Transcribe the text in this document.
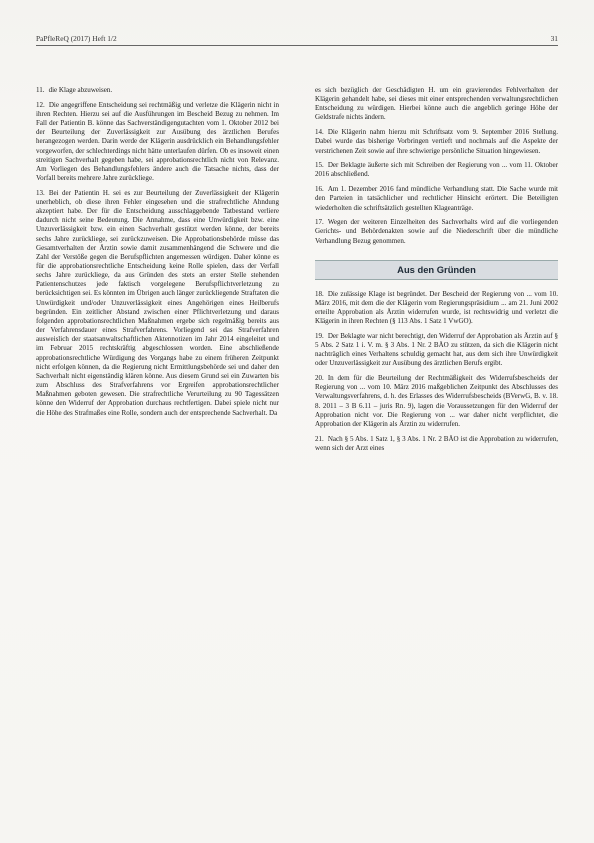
PaPfleReQ (2017) Heft 1/2	31

11. die Klage abzuweisen.

12. Die angegriffene Entscheidung sei rechtmäßig und verletze die Klägerin nicht in ihren Rechten. Hierzu sei auf die Ausführungen im Bescheid Bezug zu nehmen. Im Fall der Patientin B. könne das Sachverständigengutachten vom 1. Oktober 2012 bei der Beurteilung der Zuverlässigkeit zur Ausübung des ärztlichen Berufes herangezogen werden. Darin werde der Klägerin ausdrücklich ein Behandlungsfehler vorgeworfen, der schlechterdings nicht hätte unterlaufen dürfen. Ob es insoweit einen streitigen Sachverhalt gegeben habe, sei approbationsrechtlich nicht von Relevanz. Am Vorliegen des Behandlungsfehlers ändere auch die Tatsache nichts, dass der Vorfall bereits mehrere Jahre zurückliege.

13. Bei der Patientin H. sei es zur Beurteilung der Zuverlässigkeit der Klägerin unerheblich, ob diese ihren Fehler eingesehen und die strafrechtliche Ahndung akzeptiert habe. Der für die Entscheidung ausschlaggebende Tatbestand verliere dadurch nicht seine Bedeutung. Die Annahme, dass eine Unwürdigkeit bzw. eine Unzuverlässigkeit bzw. ein einen Sachverhalt gestützt werden könne, der bereits sechs Jahre zurückliege, sei zurückzuweisen. Die Approbationsbehörde müsse das Gesamtverhalten der Ärztin sowie damit zusammenhängend die Schwere und die Zahl der Verstöße gegen die Berufspflichten angemessen würdigen. Daher könne es für die approbationsrechtliche Entscheidung keine Rolle spielen, dass der Verfall sechs Jahre zurückliege, da aus Gründen des stets an erster Stelle stehenden Patientenschutzes jede faktisch vorgelegene Berufspflichtverletzung zu berücksichtigen sei. Es könnten im Übrigen auch länger zurückliegende Straftaten die Unwürdigkeit und/oder Unzuverlässigkeit eines Angehörigen eines Heilberufs begründen. Ein zeitlicher Abstand zwischen einer Pflichtverletzung und daraus folgenden approbationsrechtlichen Maßnahmen ergebe sich regelmäßig bereits aus der Verfahrensdauer eines Strafverfahrens. Vorliegend sei das Strafverfahren ausweislich der staatsanwaltschaftlichen Aktennotizen im Jahr 2014 eingeleitet und im Februar 2015 rechtskräftig abgeschlossen worden. Eine abschließende approbationsrechtliche Würdigung des Vorgangs habe zu einem früheren Zeitpunkt nicht erfolgen können, da die Regierung nicht Ermittlungsbehörde sei und daher den Sachverhalt nicht eigenständig klären könne. Aus diesem Grund sei ein Zuwarten bis zum Abschluss des Strafverfahrens vor Ergreifen approbationsrechtlicher Maßnahmen geboten gewesen. Die strafrechtliche Verurteilung zu 90 Tagessätzen könne den Widerruf der Approbation durchaus rechtfertigen. Dabei spiele nicht nur die Höhe des Strafmaßes eine Rolle, sondern auch der entsprechende Sachverhalt. Da

es sich bezüglich der Geschädigten H. um ein gravierendes Fehlverhalten der Klägerin gehandelt habe, sei dieses mit einer entsprechenden verwaltungsrechtlichen Entscheidung zu würdigen. Hierbei könne auch die angeblich geringe Höhe der Geldstrafe nichts ändern.

14. Die Klägerin nahm hierzu mit Schriftsatz vom 9. September 2016 Stellung. Dabei wurde das bisherige Vorbringen vertieft und nochmals auf die Aspekte der verstrichenen Zeit sowie auf ihre schwierige persönliche Situation hingewiesen.

15. Der Beklagte äußerte sich mit Schreiben der Regierung von ... vom 11. Oktober 2016 abschließend.

16. Am 1. Dezember 2016 fand mündliche Verhandlung statt. Die Sache wurde mit den Parteien in tatsächlicher und rechtlicher Hinsicht erörtert. Die Beteiligten wiederholten die schriftsätzlich gestellten Klageanträge.

17. Wegen der weiteren Einzelheiten des Sachverhalts wird auf die vorliegenden Gerichts- und Behördenakten sowie auf die Niederschrift über die mündliche Verhandlung Bezug genommen.

Aus den Gründen

18. Die zulässige Klage ist begründet. Der Bescheid der Regierung von ... vom 10. März 2016, mit dem die der Klägerin vom Regierungspräsidium ... am 21. Juni 2002 erteilte Approbation als Ärztin widerrufen wurde, ist rechtswidrig und verletzt die Klägerin in ihren Rechten (§ 113 Abs. 1 Satz 1 VwGO).

19. Der Beklagte war nicht berechtigt, den Widerruf der Approbation als Ärztin auf § 5 Abs. 2 Satz 1 i. V. m. § 3 Abs. 1 Nr. 2 BÄO zu stützen, da sich die Klägerin nicht nachträglich eines Verhaltens schuldig gemacht hat, aus dem sich ihre Unwürdigkeit oder Unzuverlässigkeit zur Ausübung des ärztlichen Berufs ergibt.

20. In dem für die Beurteilung der Rechtmäßigkeit des Widerrufsbescheids der Regierung von ... vom 10. März 2016 maßgeblichen Zeitpunkt des Abschlusses des Verwaltungsverfahrens, d. h. des Erlasses des Widerrufsbescheids (BVerwG, B. v. 18. 8. 2011 – 3 B 6.11 – juris Rn. 9), lagen die Voraussetzungen für den Widerruf der Approbation nicht vor. Die Regierung von ... war daher nicht verpflichtet, die Approbation der Klägerin als Ärztin zu widerrufen.

21. Nach § 5 Abs. 1 Satz 1, § 3 Abs. 1 Nr. 2 BÄO ist die Approbation zu widerrufen, wenn sich der Arzt eines
